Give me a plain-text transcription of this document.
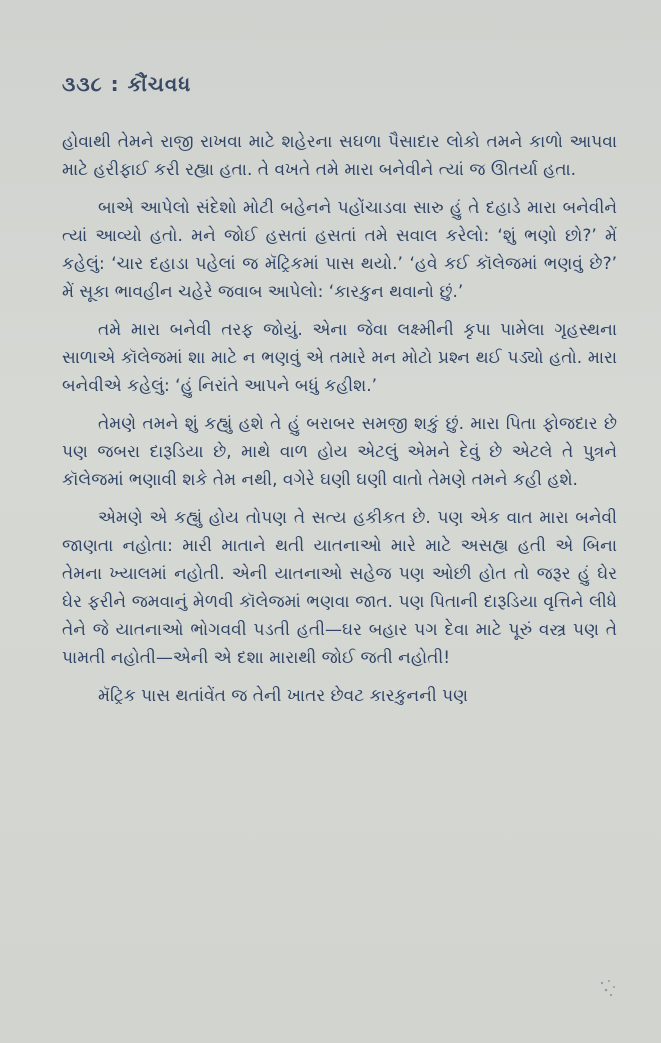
૩૩૮ : કૌંચવધ

હોવાથી તેમને રાજી રાખવા માટે શહેરના સઘળા પૈસાદાર લોકો તમને કાળો આપવા માટે હરીફાઈ કરી રહ્યા હતા. તે વખતે તમે મારા બનેવીને ત્યાં જ ઊતર્યા હતા.

બાએ આપેલો સંદેશો મોટી બહેનને પહોંચાડવા સારુ હું તે દહાડે મારા બનેવીને ત્યાં આવ્યો હતો. મને જોઈ હસતાં હસતાં તમે સવાલ કરેલો: ‘શું ભણો છો?’ મેં કહેલું: ‘ચાર દહાડા પહેલાં જ મૅટ્રિકમાં પાસ થયો.’ ‘હવે કઈ કૉલેજમાં ભણવું છે?’ મેં સૂકા ભાવહીન ચહેરે જવાબ આપેલો: ‘કારકુન થવાનો છું.’

તમે મારા બનેવી તરફ જોયું. એના જેવા લક્ષ્મીની કૃપા પામેલા ગૃહસ્થના સાળાએ કૉલેજમાં શા માટે ન ભણવું એ તમારે મન મોટો પ્રશ્ન થઈ પડ્યો હતો. મારા બનેવીએ કહેલું: ‘હું નિરાંતે આપને બધું કહીશ.’

તેમણે તમને શું કહ્યું હશે તે હું બરાબર સમજી શકું છું. મારા પિતા ફોજદાર છે પણ જબરા દારૂડિયા છે, માથે વાળ હોય એટલું એમને દેવું છે એટલે તે પુત્રને કૉલેજમાં ભણાવી શકે તેમ નથી, વગેરે ઘણી ઘણી વાતો તેમણે તમને કહી હશે.

એમણે એ કહ્યું હોય તોપણ તે સત્ય હકીકત છે. પણ એક વાત મારા બનેવી જાણતા નહોતા: મારી માતાને થતી યાતનાઓ મારે માટે અસહ્ય હતી એ બિના તેમના ખ્યાલમાં નહોતી. એની યાતનાઓ સહેજ પણ ઓછી હોત તો જરૂર હું ઘેર ઘેર ફરીને જમવાનું મેળવી કૉલેજમાં ભણવા જાત. પણ પિતાની દારૂડિયા વૃત્તિને લીધે તેને જે યાતનાઓ ભોગવવી પડતી હતી—ઘર બહાર પગ દેવા માટે પૂરું વસ્ત્ર પણ તે પામતી નહોતી—એની એ દશા મારાથી જોઈ જતી નહોતી!

મૅટ્રિક પાસ થતાંવેંત જ તેની ખાતર છેવટ કારકુનની પણ
